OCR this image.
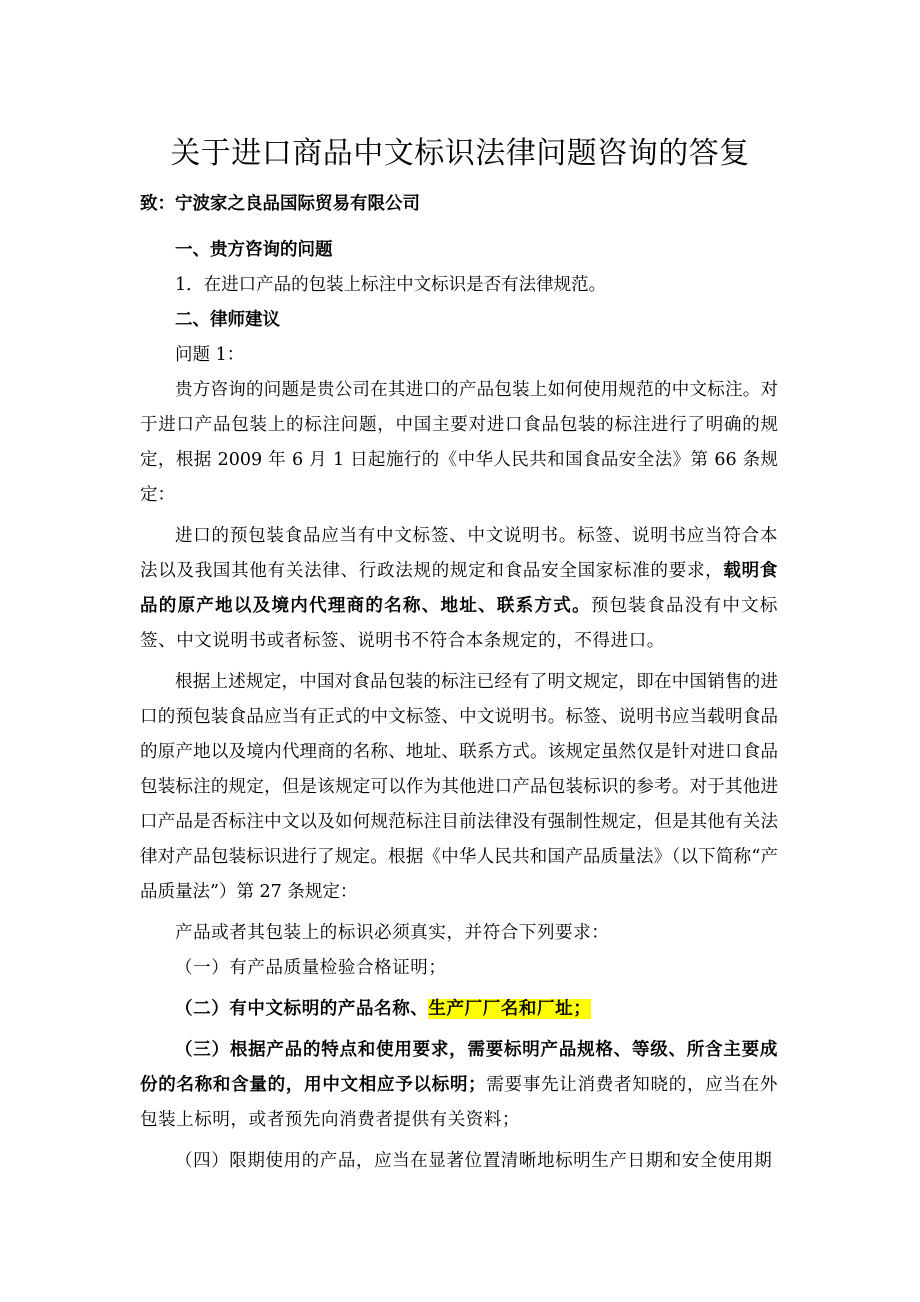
关于进口商品中文标识法律问题咨询的答复
致：宁波家之良品国际贸易有限公司

一、贵方咨询的问题

1．在进口产品的包装上标注中文标识是否有法律规范。

二、律师建议

问题 1：

贵方咨询的问题是贵公司在其进口的产品包装上如何使用规范的中文标注。对于进口产品包装上的标注问题，中国主要对进口食品包装的标注进行了明确的规定，根据 2009 年 6 月 1 日起施行的《中华人民共和国食品安全法》第 66 条规定：

进口的预包装食品应当有中文标签、中文说明书。标签、说明书应当符合本法以及我国其他有关法律、行政法规的规定和食品安全国家标准的要求，载明食品的原产地以及境内代理商的名称、地址、联系方式。预包装食品没有中文标签、中文说明书或者标签、说明书不符合本条规定的，不得进口。

根据上述规定，中国对食品包装的标注已经有了明文规定，即在中国销售的进口的预包装食品应当有正式的中文标签、中文说明书。标签、说明书应当载明食品的原产地以及境内代理商的名称、地址、联系方式。该规定虽然仅是针对进口食品包装标注的规定，但是该规定可以作为其他进口产品包装标识的参考。对于其他进口产品是否标注中文以及如何规范标注目前法律没有强制性规定，但是其他有关法律对产品包装标识进行了规定。根据《中华人民共和国产品质量法》（以下简称“产品质量法”）第 27 条规定：

产品或者其包装上的标识必须真实，并符合下列要求：

（一）有产品质量检验合格证明；

（二）有中文标明的产品名称、生产厂厂名和厂址；

（三）根据产品的特点和使用要求，需要标明产品规格、等级、所含主要成份的名称和含量的，用中文相应予以标明；需要事先让消费者知晓的，应当在外包装上标明，或者预先向消费者提供有关资料；

（四）限期使用的产品，应当在显著位置清晰地标明生产日期和安全使用期
